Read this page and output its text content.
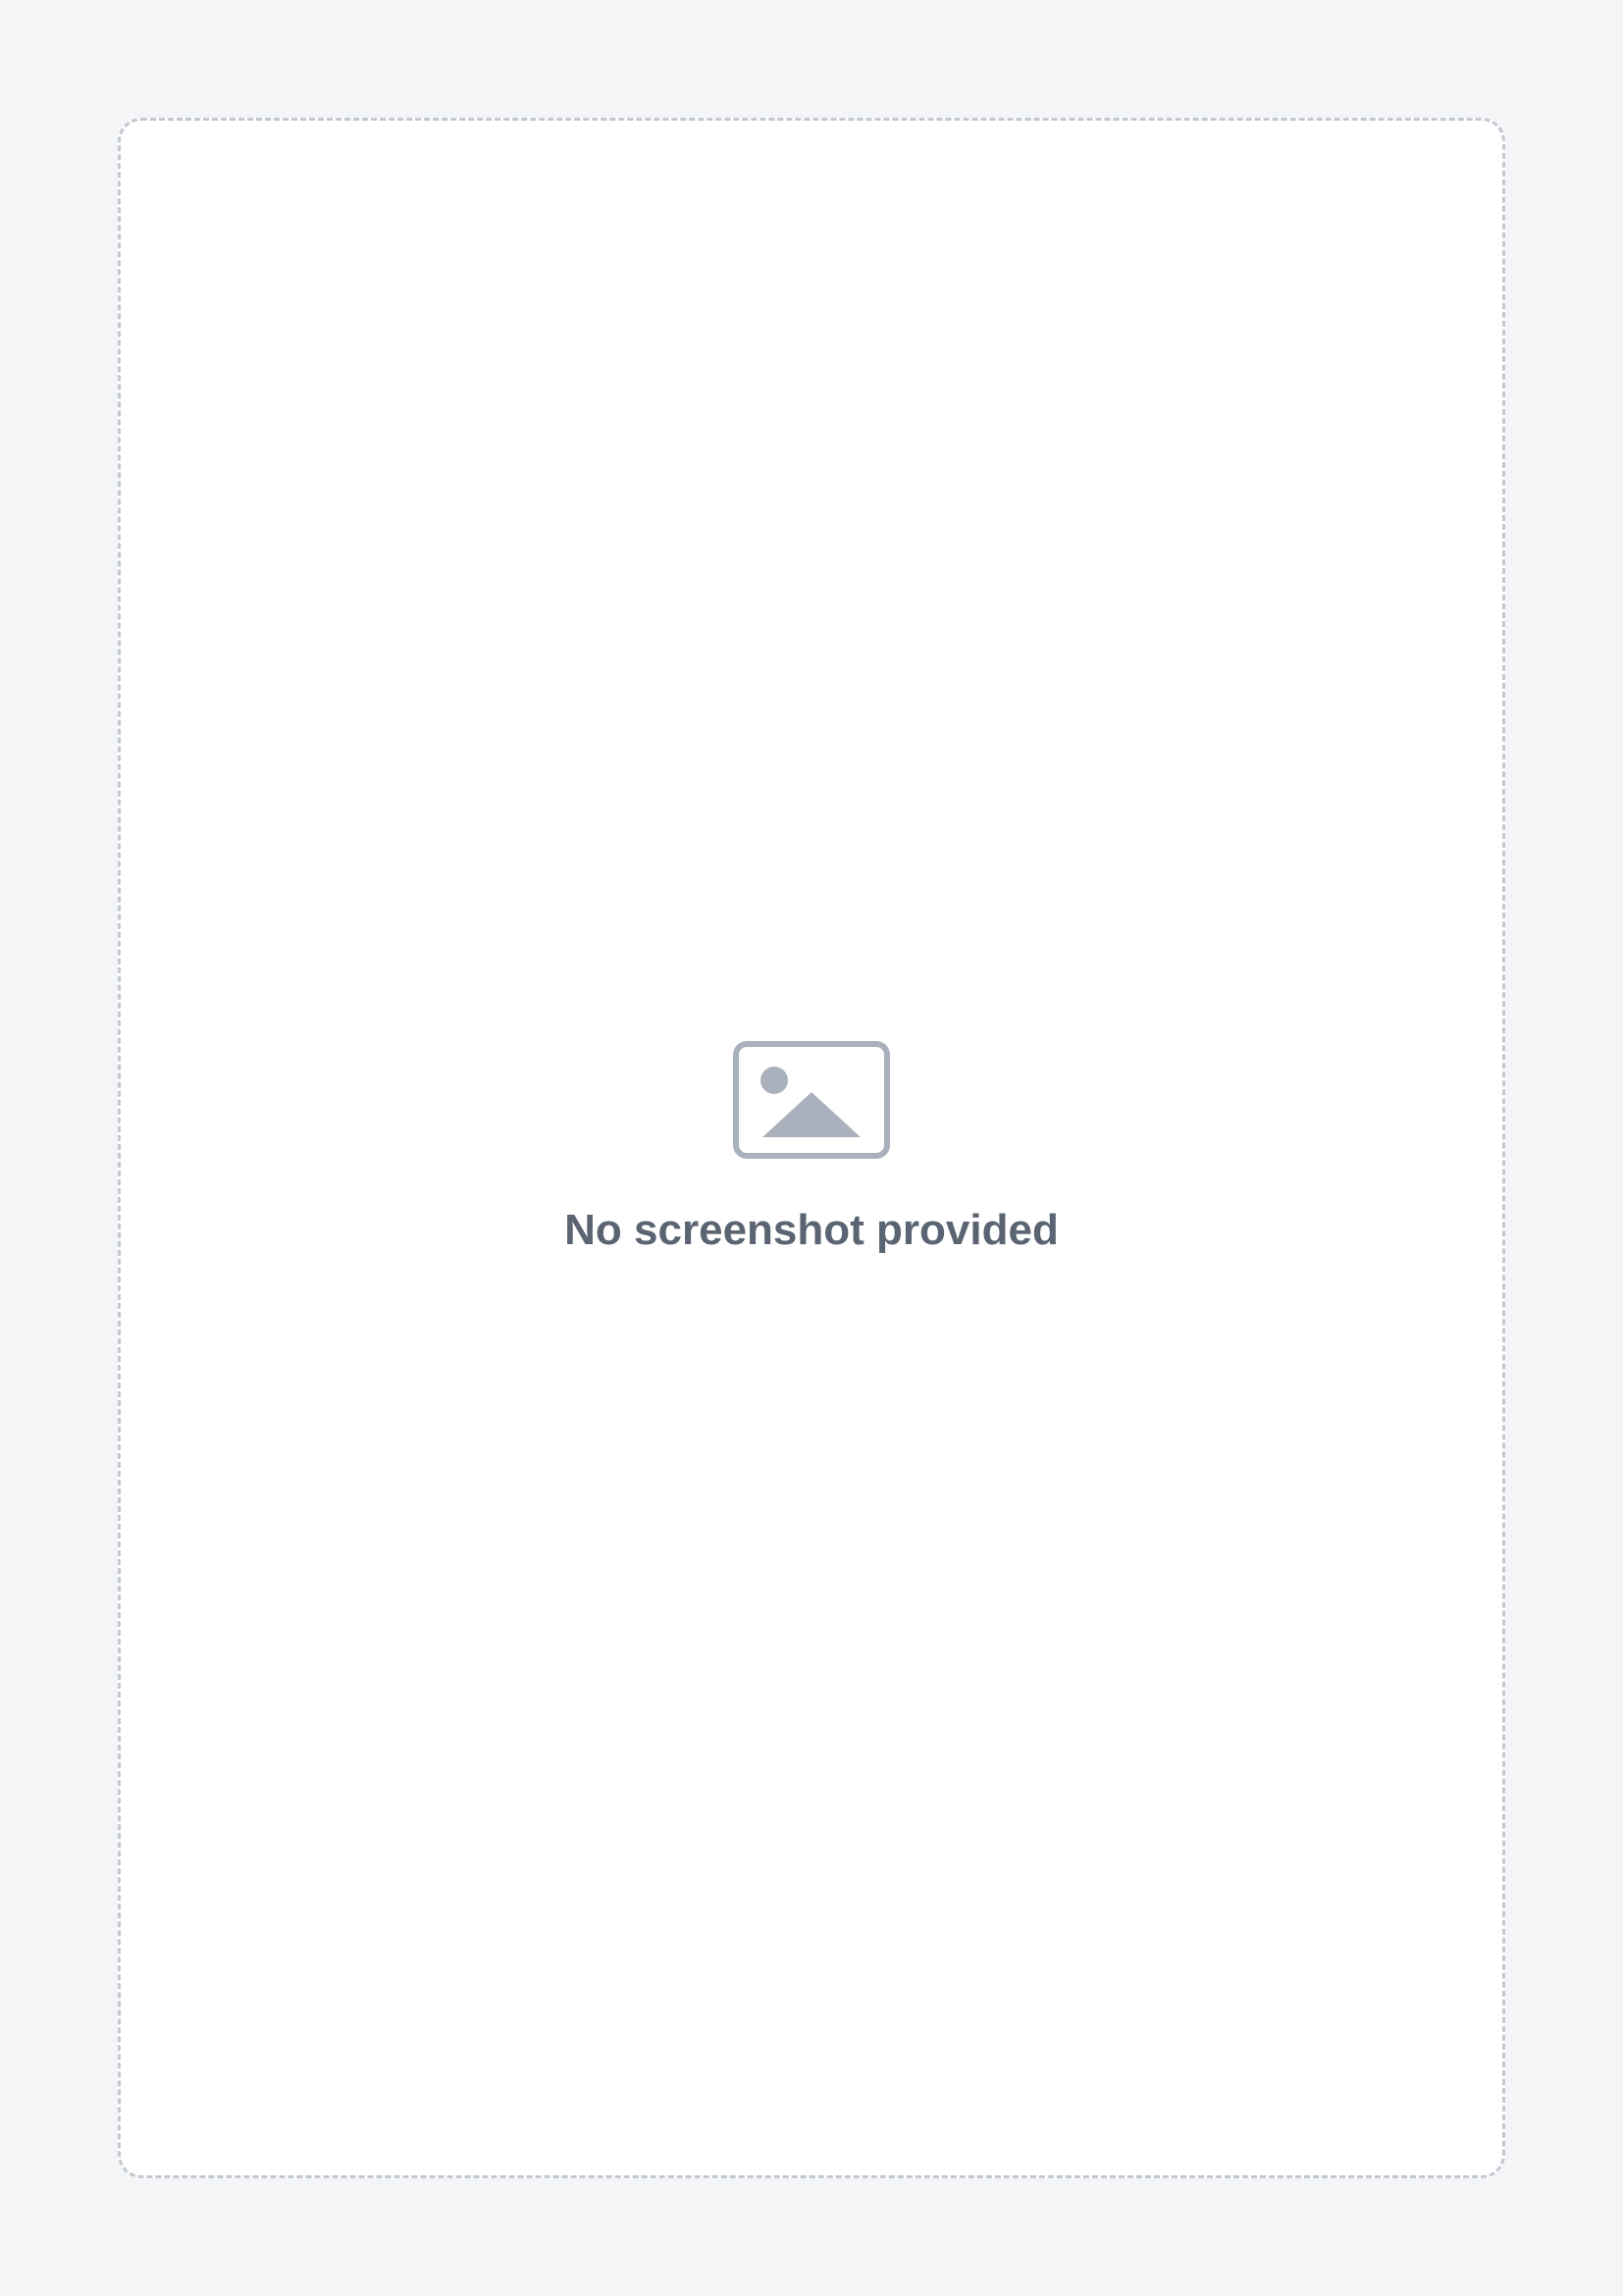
No screenshot provided
